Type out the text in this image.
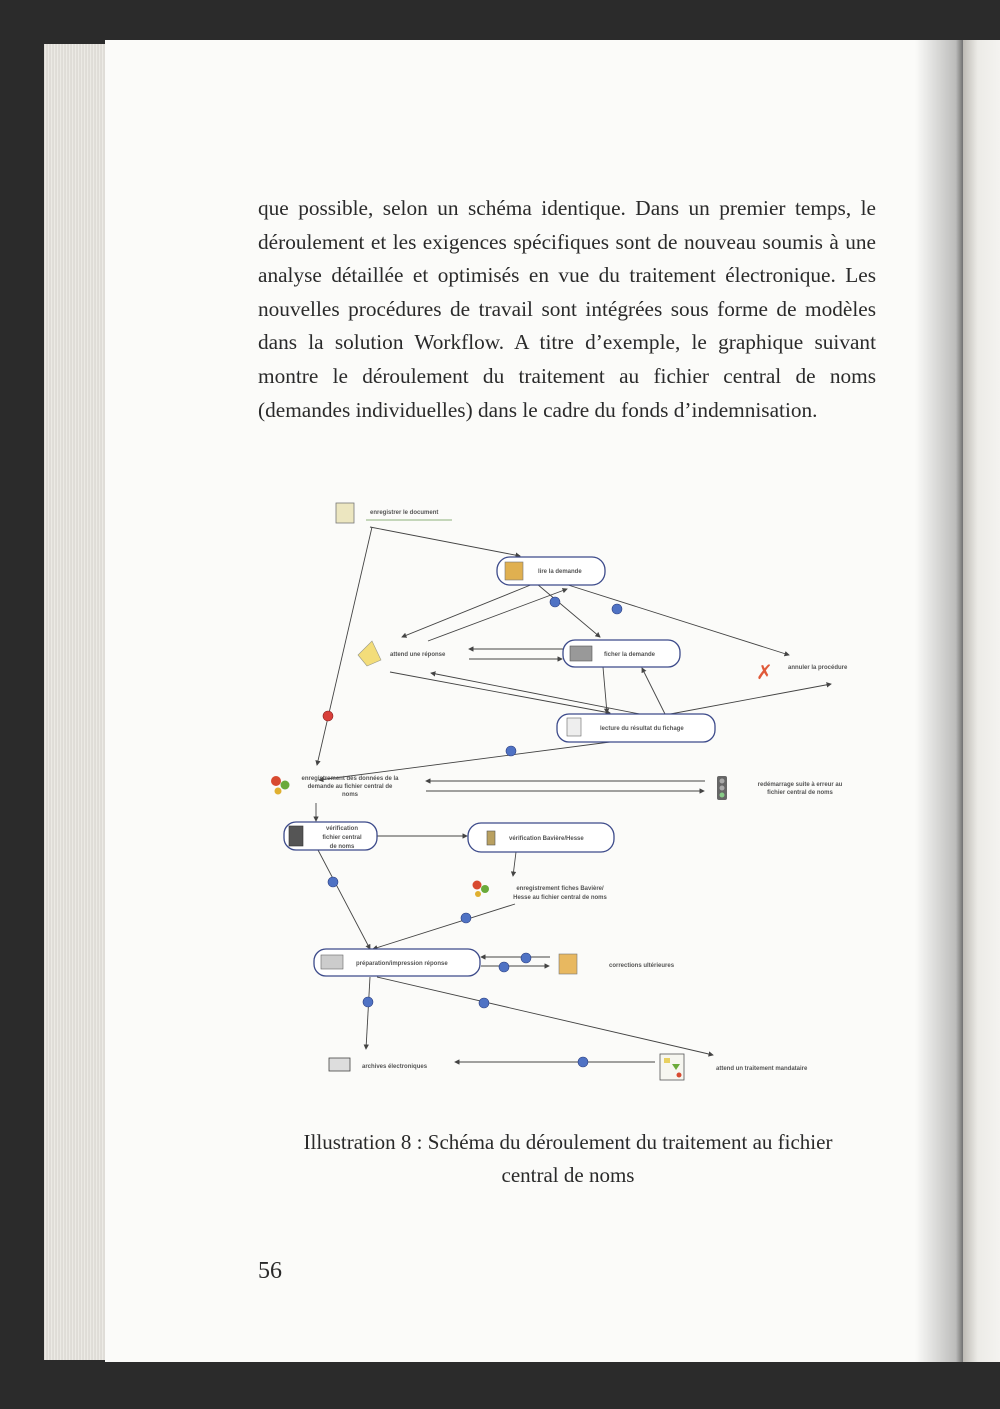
que possible, selon un schéma identique. Dans un premier temps, le déroulement et les exigences spécifiques sont de nouveau soumis à une analyse détaillée et optimisés en vue du traitement électronique. Les nouvelles procédures de travail sont intégrées sous forme de modèles dans la solution Workflow. A titre d’exemple, le graphique suivant montre le déroulement du traitement au fichier central de noms (demandes individuelles) dans le cadre du fonds d’indemnisation.

enregistrer le document
lire la demande
attend une réponse	ficher la demande
✗	annuler la procédure
lecture du résultat du fichage
enregistrement des données de la
demande au fichier central de
noms
redémarrage suite à erreur au
fichier central de noms
vérification
fichier central
de noms
vérification Bavière/Hesse
enregistrement fiches Bavière/
Hesse au fichier central de noms
préparation/impression réponse	corrections ultérieures
archives électroniques	attend un traitement mandataire
Illustration 8 : Schéma du déroulement du traitement au fichier
central de noms
56
